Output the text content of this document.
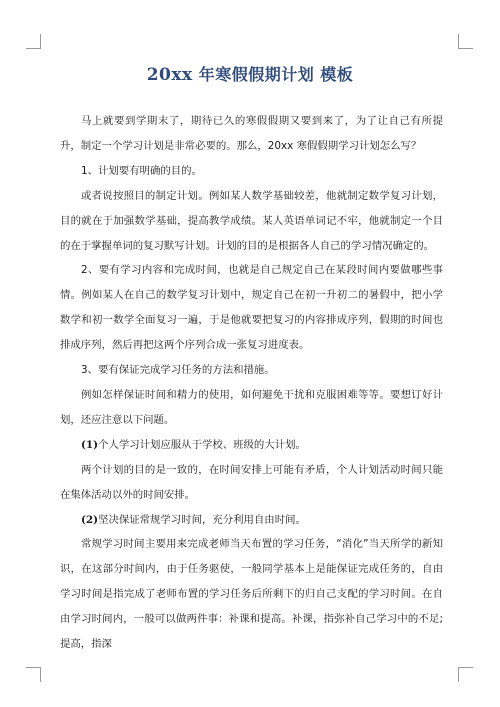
20xx 年寒假假期计划 模板

马上就要到学期末了，期待已久的寒假假期又要到来了，为了让自己有所提升，制定一个学习计划是非常必要的。那么，20xx 寒假假期学习计划怎么写？

1、计划要有明确的目的。

或者说按照目的制定计划。例如某人数学基础较差，他就制定数学复习计划，目的就在于加强数学基础，提高教学成绩。某人英语单词记不牢，他就制定一个目的在于掌握单词的复习默写计划。计划的目的是根据各人自己的学习情况确定的。

2、要有学习内容和完成时间，也就是自己规定自己在某段时间内要做哪些事情。例如某人在自己的数学复习计划中，规定自己在初一升初二的暑假中，把小学数学和初一数学全面复习一遍，于是他就要把复习的内容排成序列，假期的时间也排成序列，然后再把这两个序列合成一张复习进度表。

3、要有保证完成学习任务的方法和措施。

例如怎样保证时间和精力的使用，如何避免干扰和克服困难等等。要想订好计划，还应注意以下问题。

(1)个人学习计划应服从于学校、班级的大计划。

两个计划的目的是一致的，在时间安排上可能有矛盾，个人计划活动时间只能在集体活动以外的时间安排。

(2)坚决保证常规学习时间，充分利用自由时间。

常规学习时间主要用来完成老师当天布置的学习任务，“消化”当天所学的新知识，在这部分时间内，由于任务驱使，一般同学基本上是能保证完成任务的，自由学习时间是指完成了老师布置的学习任务后所剩下的归自己支配的学习时间。在自由学习时间内，一般可以做两件事：补课和提高。补课，指弥补自己学习中的不足;提高，指深
